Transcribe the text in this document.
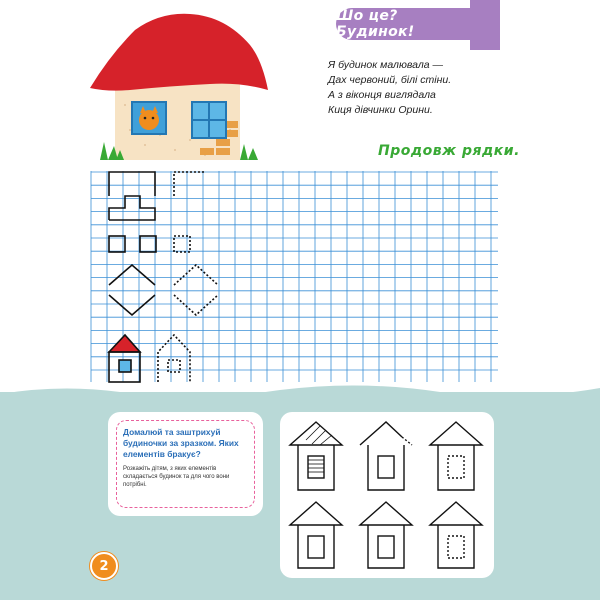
Шо це? Будинок!
Я будинок малювала —
Дах червоний, білі стіни.
А з віконця виглядала
Киця дівчинки Орини.
Продовж рядки.
Домалюй та заштрихуй будиночки за зразком. Яких елементів бракує?
Розкажіть дітям, з яких елементів складається будинок та для чого вони потрібні.
2
